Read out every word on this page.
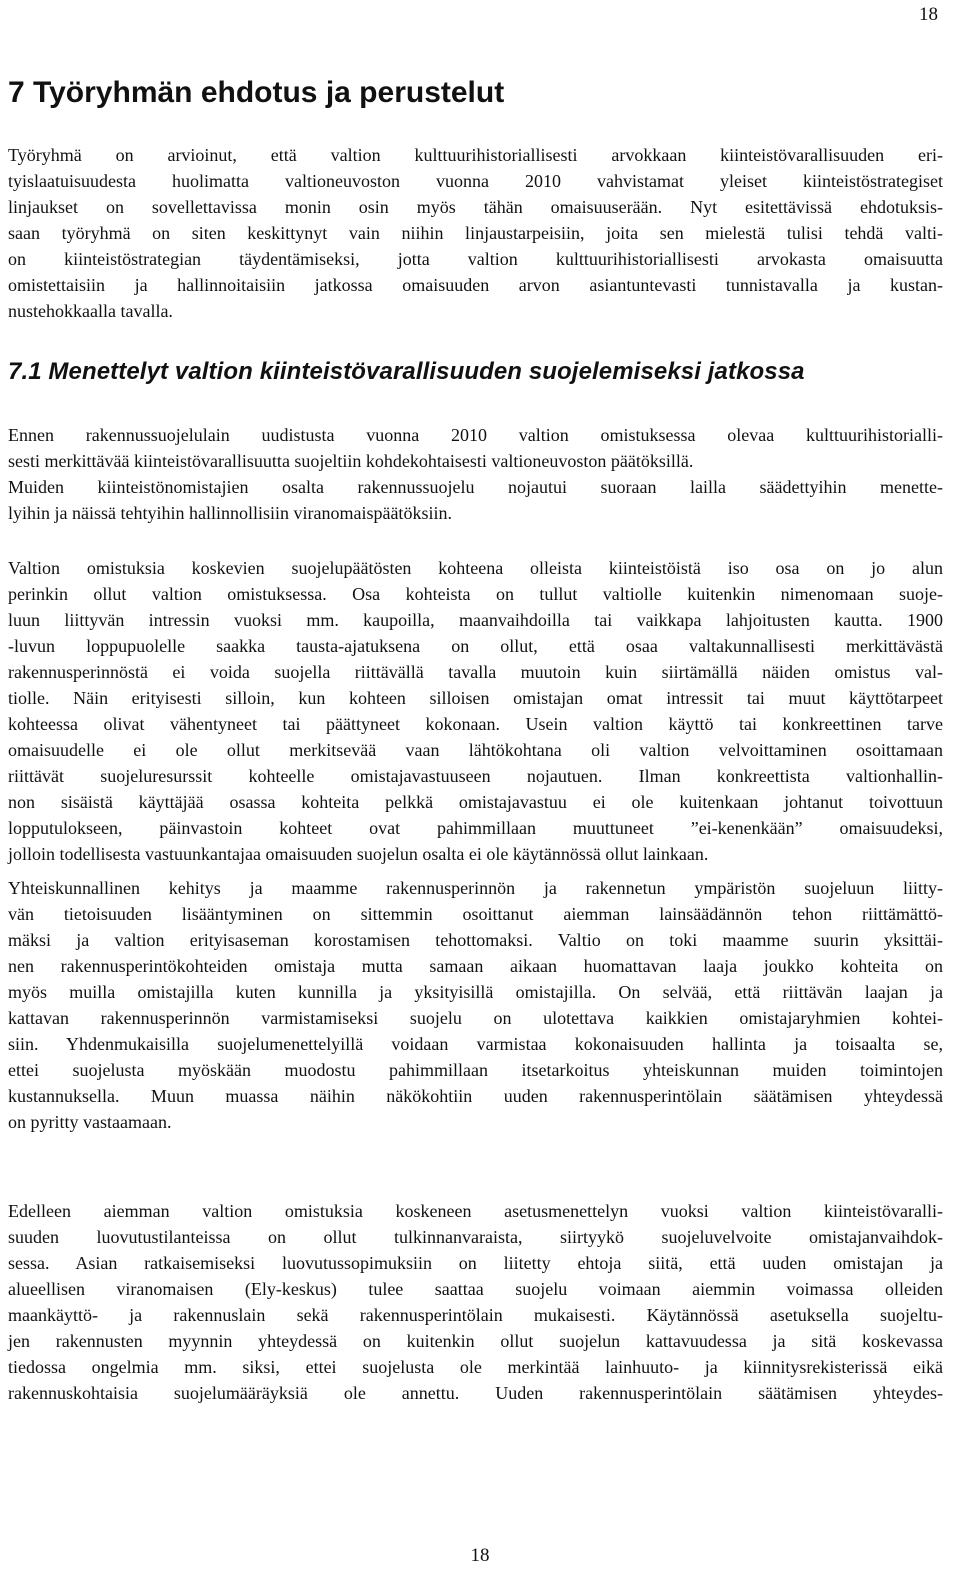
18
7 Työryhmän ehdotus ja perustelut
Työryhmä on arvioinut, että valtion kulttuurihistoriallisesti arvokkaan kiinteistövarallisuuden eri-
tyislaatuisuudesta huolimatta valtioneuvoston vuonna 2010 vahvistamat yleiset kiinteistöstrategiset
linjaukset on sovellettavissa monin osin myös tähän omaisuuserään. Nyt esitettävissä ehdotuksis-
saan työryhmä on siten keskittynyt vain niihin linjaustarpeisiin, joita sen mielestä tulisi tehdä valti-
on kiinteistöstrategian täydentämiseksi, jotta valtion kulttuurihistoriallisesti arvokasta omaisuutta
omistettaisiin ja hallinnoitaisiin jatkossa omaisuuden arvon asiantuntevasti tunnistavalla ja kustan-
nustehokkaalla tavalla.
7.1 Menettelyt valtion kiinteistövarallisuuden suojelemiseksi jatkossa
Ennen rakennussuojelulain uudistusta vuonna 2010 valtion omistuksessa olevaa kulttuurihistorialli-
sesti merkittävää kiinteistövarallisuutta suojeltiin kohdekohtaisesti valtioneuvoston päätöksillä.
Muiden kiinteistönomistajien osalta rakennussuojelu nojautui suoraan lailla säädettyihin menette-
lyihin ja näissä tehtyihin hallinnollisiin viranomaispäätöksiin.
Valtion omistuksia koskevien suojelupäätösten kohteena olleista kiinteistöistä iso osa on jo alun
perinkin ollut valtion omistuksessa. Osa kohteista on tullut valtiolle kuitenkin nimenomaan suoje-
luun liittyvän intressin vuoksi mm. kaupoilla, maanvaihdoilla tai vaikkapa lahjoitusten kautta. 1900
-luvun loppupuolelle saakka tausta-ajatuksena on ollut, että osaa valtakunnallisesti merkittävästä
rakennusperinnöstä ei voida suojella riittävällä tavalla muutoin kuin siirtämällä näiden omistus val-
tiolle. Näin erityisesti silloin, kun kohteen silloisen omistajan omat intressit tai muut käyttötarpeet
kohteessa olivat vähentyneet tai päättyneet kokonaan. Usein valtion käyttö tai konkreettinen tarve
omaisuudelle ei ole ollut merkitsevää vaan lähtökohtana oli valtion velvoittaminen osoittamaan
riittävät suojeluresurssit kohteelle omistajavastuuseen nojautuen. Ilman konkreettista valtionhallin-
non sisäistä käyttäjää osassa kohteita pelkkä omistajavastuu ei ole kuitenkaan johtanut toivottuun
lopputulokseen, päinvastoin kohteet ovat pahimmillaan muuttuneet ”ei-kenenkään” omaisuudeksi,
jolloin todellisesta vastuunkantajaa omaisuuden suojelun osalta ei ole käytännössä ollut lainkaan.
Yhteiskunnallinen kehitys ja maamme rakennusperinnön ja rakennetun ympäristön suojeluun liitty-
vän tietoisuuden lisääntyminen on sittemmin osoittanut aiemman lainsäädännön tehon riittämättö-
mäksi ja valtion erityisaseman korostamisen tehottomaksi. Valtio on toki maamme suurin yksittäi-
nen rakennusperintökohteiden omistaja mutta samaan aikaan huomattavan laaja joukko kohteita on
myös muilla omistajilla kuten kunnilla ja yksityisillä omistajilla. On selvää, että riittävän laajan ja
kattavan rakennusperinnön varmistamiseksi suojelu on ulotettava kaikkien omistajaryhmien kohtei-
siin. Yhdenmukaisilla suojelumenettelyillä voidaan varmistaa kokonaisuuden hallinta ja toisaalta se,
ettei suojelusta myöskään muodostu pahimmillaan itsetarkoitus yhteiskunnan muiden toimintojen
kustannuksella. Muun muassa näihin näkökohtiin uuden rakennusperintölain säätämisen yhteydessä
on pyritty vastaamaan.
Edelleen aiemman valtion omistuksia koskeneen asetusmenettelyn vuoksi valtion kiinteistövaralli-
suuden luovutustilanteissa on ollut tulkinnanvaraista, siirtyykö suojeluvelvoite omistajanvaihdok-
sessa. Asian ratkaisemiseksi luovutussopimuksiin on liitetty ehtoja siitä, että uuden omistajan ja
alueellisen viranomaisen (Ely-keskus) tulee saattaa suojelu voimaan aiemmin voimassa olleiden
maankäyttö- ja rakennuslain sekä rakennusperintölain mukaisesti. Käytännössä asetuksella suojeltu-
jen rakennusten myynnin yhteydessä on kuitenkin ollut suojelun kattavuudessa ja sitä koskevassa
tiedossa ongelmia mm. siksi, ettei suojelusta ole merkintää lainhuuto- ja kiinnitysrekisterissä eikä
rakennuskohtaisia suojelumääräyksiä ole annettu. Uuden rakennusperintölain säätämisen yhteydes-
18
